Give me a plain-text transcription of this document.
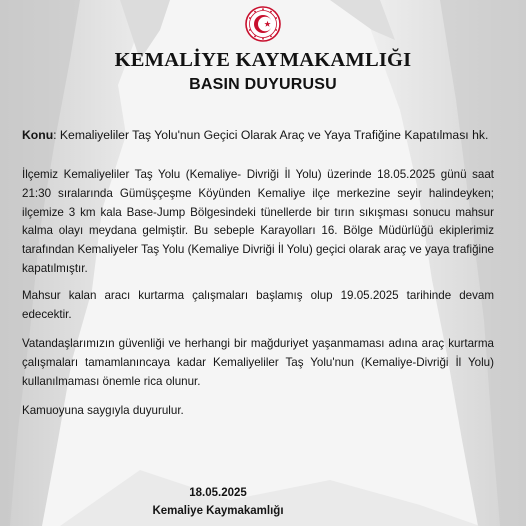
KEMALİYE KAYMAKAMLIĞI
BASIN DUYURUSU
Konu: Kemaliyeliler Taş Yolu'nun Geçici Olarak Araç ve Yaya Trafiğine Kapatılması hk.

İlçemiz Kemaliyeliler Taş Yolu (Kemaliye- Divriği İl Yolu) üzerinde 18.05.2025 günü saat 21:30 sıralarında Gümüşçeşme Köyünden Kemaliye ilçe merkezine seyir halindeyken; ilçemize 3 km kala Base-Jump Bölgesindeki tünellerde bir tırın sıkışması sonucu mahsur kalma olayı meydana gelmiştir. Bu sebeple Karayolları 16. Bölge Müdürlüğü ekiplerimiz tarafından Kemaliyeler Taş Yolu (Kemaliye Divriği İl Yolu) geçici olarak araç ve yaya trafiğine kapatılmıştır.

Mahsur kalan aracı kurtarma çalışmaları başlamış olup 19.05.2025 tarihinde devam edecektir.

Vatandaşlarımızın güvenliği ve herhangi bir mağduriyet yaşanmaması adına araç kurtarma çalışmaları tamamlanıncaya kadar Kemaliyeliler Taş Yolu'nun (Kemaliye-Divriği İl Yolu) kullanılmaması önemle rica olunur.

Kamuoyuna saygıyla duyurulur.

18.05.2025
Kemaliye Kaymakamlığı
